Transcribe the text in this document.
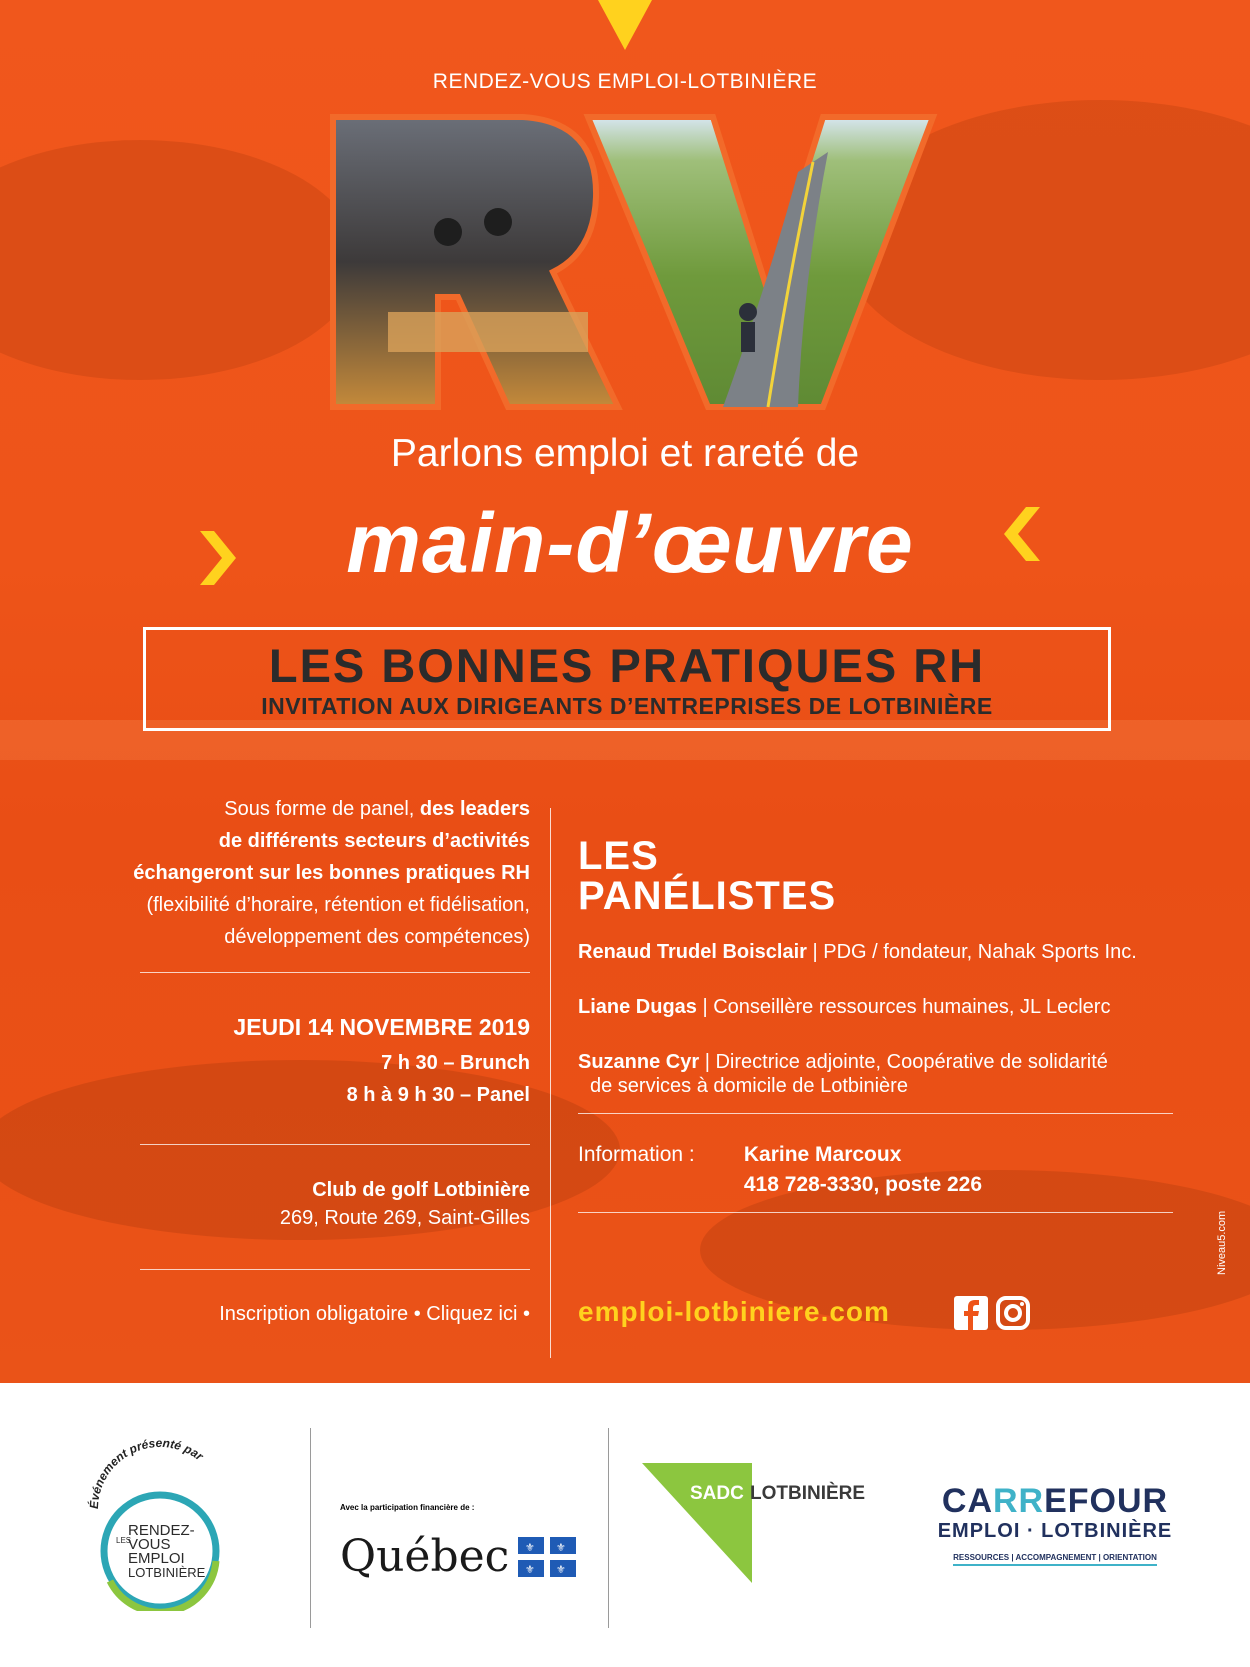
RENDEZ-VOUS EMPLOI-LOTBINIÈRE
Parlons emploi et rareté de
main-d’œuvre
LES BONNES PRATIQUES RH
INVITATION AUX DIRIGEANTS D’ENTREPRISES DE LOTBINIÈRE
Sous forme de panel, des leaders
de différents secteurs d’activités
échangeront sur les bonnes pratiques RH
(flexibilité d’horaire, rétention et fidélisation,
développement des compétences)
JEUDI 14 NOVEMBRE 2019
7 h 30 – Brunch
8 h à 9 h 30 – Panel
Club de golf Lotbinière
269, Route 269, Saint-Gilles
Inscription obligatoire • Cliquez ici •
LES
PANÉLISTES
Renaud Trudel Boisclair | PDG / fondateur, Nahak Sports Inc.
Liane Dugas | Conseillère ressources humaines, JL Leclerc
Suzanne Cyr | Directrice adjointe, Coopérative de solidarité
de services à domicile de Lotbinière
Information : Karine Marcoux
418 728-3330, poste 226
emploi-lotbiniere.com
Niveau5.com
Événement présenté par
LES
RENDEZ-
VOUS
EMPLOI
LOTBINIÈRE
Avec la participation financière de :
Québec ⚜ ⚜
⚜ ⚜
SADC LOTBINIÈRE CARREFOUR
EMPLOI · LOTBINIÈRE
RESSOURCES | ACCOMPAGNEMENT | ORIENTATION
